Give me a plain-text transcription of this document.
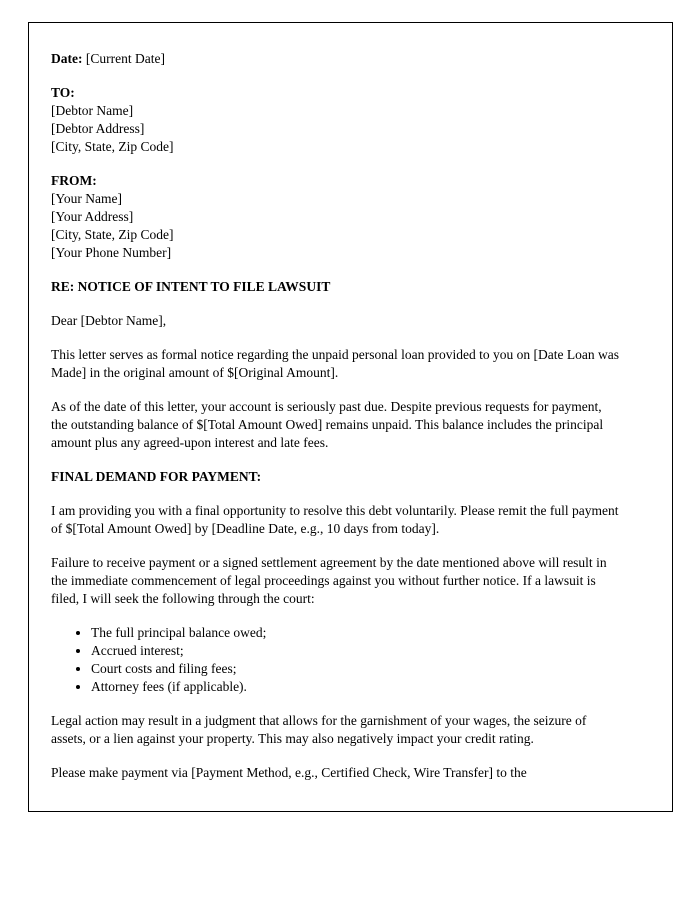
Date: [Current Date]

TO:
[Debtor Name]
[Debtor Address]
[City, State, Zip Code]
FROM:
[Your Name]
[Your Address]
[City, State, Zip Code]
[Your Phone Number]

RE: NOTICE OF INTENT TO FILE LAWSUIT

Dear [Debtor Name],

This letter serves as formal notice regarding the unpaid personal loan provided to you on [Date Loan was Made] in the original amount of $[Original Amount].

As of the date of this letter, your account is seriously past due. Despite previous requests for payment, the outstanding balance of $[Total Amount Owed] remains unpaid. This balance includes the principal amount plus any agreed-upon interest and late fees.

FINAL DEMAND FOR PAYMENT:

I am providing you with a final opportunity to resolve this debt voluntarily. Please remit the full payment of $[Total Amount Owed] by [Deadline Date, e.g., 10 days from today].

Failure to receive payment or a signed settlement agreement by the date mentioned above will result in the immediate commencement of legal proceedings against you without further notice. If a lawsuit is filed, I will seek the following through the court:

• The full principal balance owed;
• Accrued interest;
• Court costs and filing fees;
• Attorney fees (if applicable).

Legal action may result in a judgment that allows for the garnishment of your wages, the seizure of assets, or a lien against your property. This may also negatively impact your credit rating.

Please make payment via [Payment Method, e.g., Certified Check, Wire Transfer] to the
